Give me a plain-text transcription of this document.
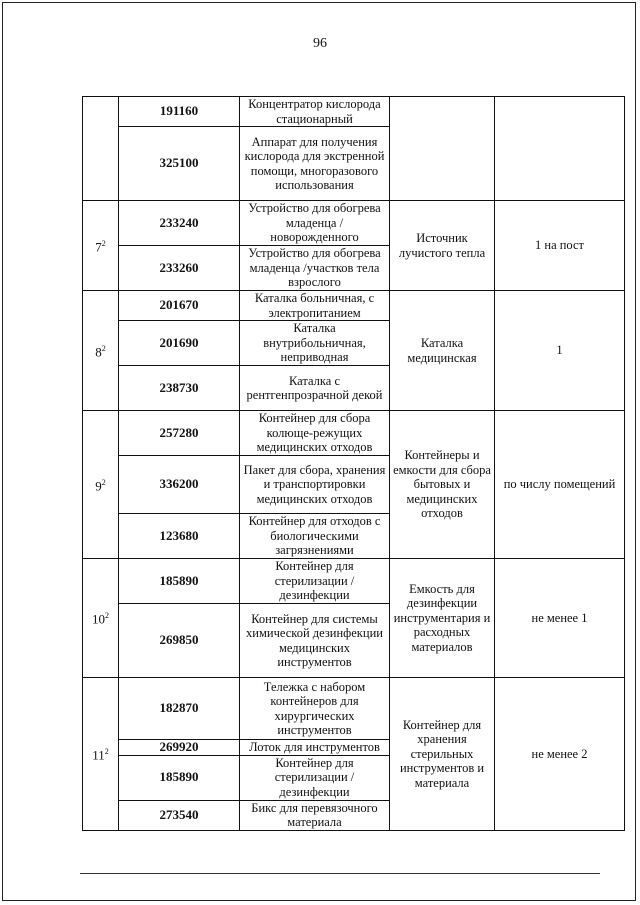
96
	191160	Концентратор кислорода стационарный		
	325100	Аппарат для получения кислорода для экстренной помощи, многоразового использования		
$7^2$	233240	Устройство для обогрева младенца /новорожденного	Источник лучистого тепла	1 на пост
	233260	Устройство для обогрева младенца /участков тела взрослого		
$8^2$	201670	Каталка больничная, с электропитанием	Каталка медицинская	1
	201690	Каталка внутрибольничная, неприводная		
	238730	Каталка с рентгенпрозрачной декой		
$9^2$	257280	Контейнер для сбора колюще-режущих медицинских отходов	Контейнеры и емкости для сбора бытовых и медицинских отходов	по числу помещений
	336200	Пакет для сбора, хранения и транспортировки медицинских отходов		
	123680	Контейнер для отходов с биологическими загрязнениями		
$10^2$	185890	Контейнер для стерилизации /дезинфекции	Емкость для дезинфекции инструментария и расходных материалов	не менее 1
	269850	Контейнер для системы химической дезинфекции медицинских инструментов		
$11^2$	182870	Тележка с набором контейнеров для хирургических инструментов	Контейнер для хранения стерильных инструментов и материала	не менее 2
	269920	Лоток для инструментов		
	185890	Контейнер для стерилизации /дезинфекции		
	273540	Бикс для перевязочного материала		
